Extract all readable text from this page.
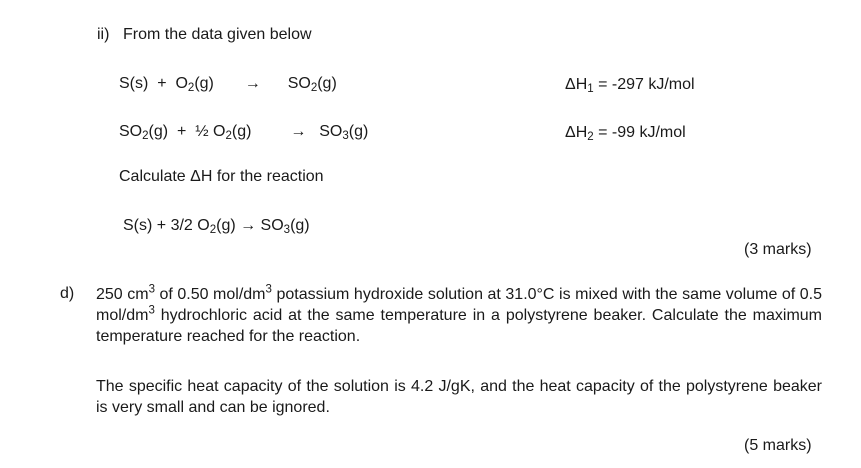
ii) From the data given below
$S(s) + O_2(g) \to SO_2(g)$	$\Delta H_1 = -297$ kJ/mol
$SO_2(g)$  +  ½ $O_2(g) \to SO_3(g)$	$\Delta H_2 = -99$ kJ/mol
Calculate ΔH for the reaction
S(s) + 3/2 $O_2(g) \to SO_3(g)$
(3 marks)
d) 250 $cm^3$ of 0.50 mol/$dm^3$ potassium hydroxide solution at 31.0°C is mixed with the same volume of 0.5 mol/$dm^3$ hydrochloric acid at the same temperature in a polystyrene beaker. Calculate the maximum temperature reached for the reaction.
The specific heat capacity of the solution is 4.2 J/gK, and the heat capacity of the polystyrene beaker is very small and can be ignored.
(5 marks)
